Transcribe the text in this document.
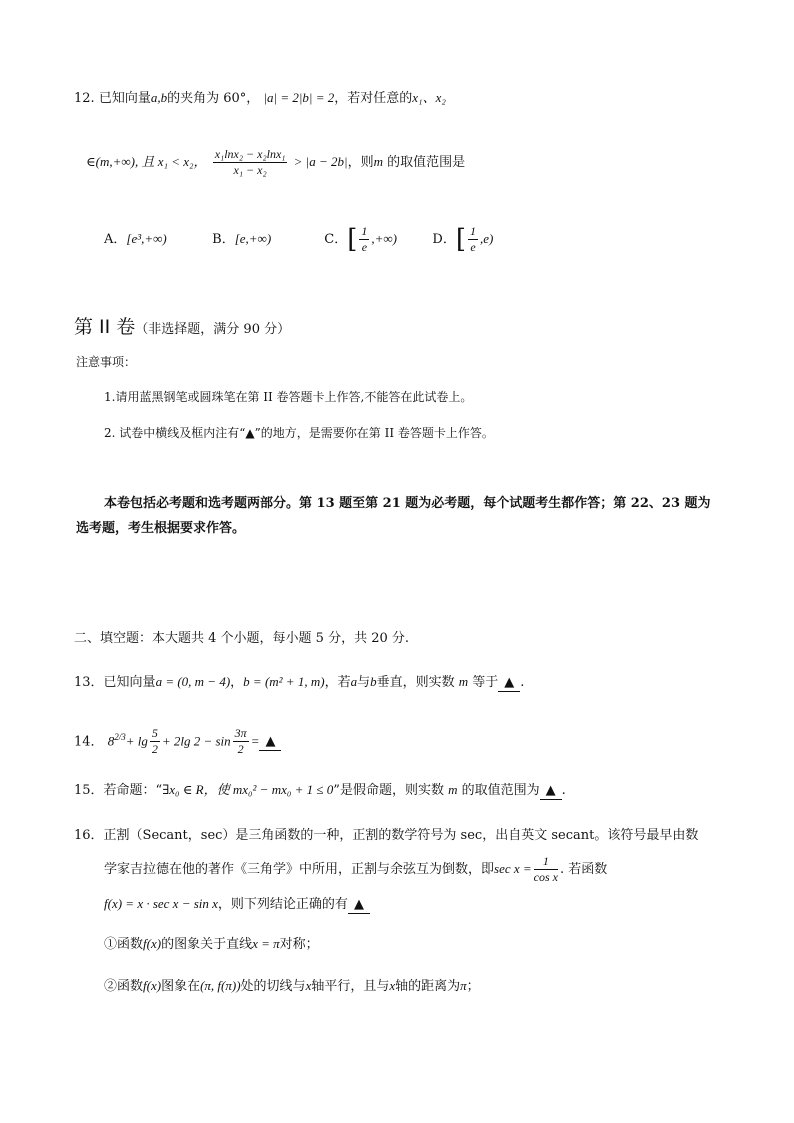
12. 已知向量a,b的夹角为 60°， |a| = 2|b| = 2，若对任意的x₁、x₂
∈(m,+∞), 且 x₁ < x₂， $\frac{\text{x₁lnx₂ − x₂lnx₁}}{\text{x₁ − x₂}} > |a - 2b|$，则m 的取值范围是
A．[e³,+∞)	B．[e,+∞)	C．[ $\frac{1}{e}$ ,+∞)	D．[ $\frac{1}{e} ,e$)
第 II 卷（非选择题，满分 90 分）
注意事项：
1.请用蓝黑钢笔或圆珠笔在第 II 卷答题卡上作答,不能答在此试卷上。
2. 试卷中横线及框内注有“▲”的地方，是需要你在第 II 卷答题卡上作答。
本卷包括必考题和选考题两部分。第 13 题至第 21 题为必考题，每个试题考生都作答；第 22、23 题为
选考题，考生根据要求作答。
二、填空题：本大题共 4 个小题，每小题 5 分，共 20 分.
13．已知向量a = (0, m − 4)，b = (m² + 1, m)，若a与b垂直，则实数 m 等于 ▲ .
14． $8^{2/3}+ \lg \frac{5}{2} + 2\lg$ $2 - \sin \frac{3\pi}{2}$ = ▲
15．若命题：“∃x₀ ∈ R，使 mx₀² − mx₀ + 1 ≤ 0”是假命题，则实数 m 的取值范围为 ▲ .
16．正割（Secant，sec）是三角函数的一种，正割的数学符号为 sec，出自英文 secant。该符号最早由数
学家吉拉德在他的著作《三角学》中所用，正割与余弦互为倒数，即$\sec x = \frac{1}{\text{cos x}}$ . 若函数
f(x) = x · sec x − sin x，则下列结论正确的有 ▲
①函数f(x)的图象关于直线x = π对称；
②函数f(x)图象在(π, f(π))处的切线与x轴平行，且与x轴的距离为π；
